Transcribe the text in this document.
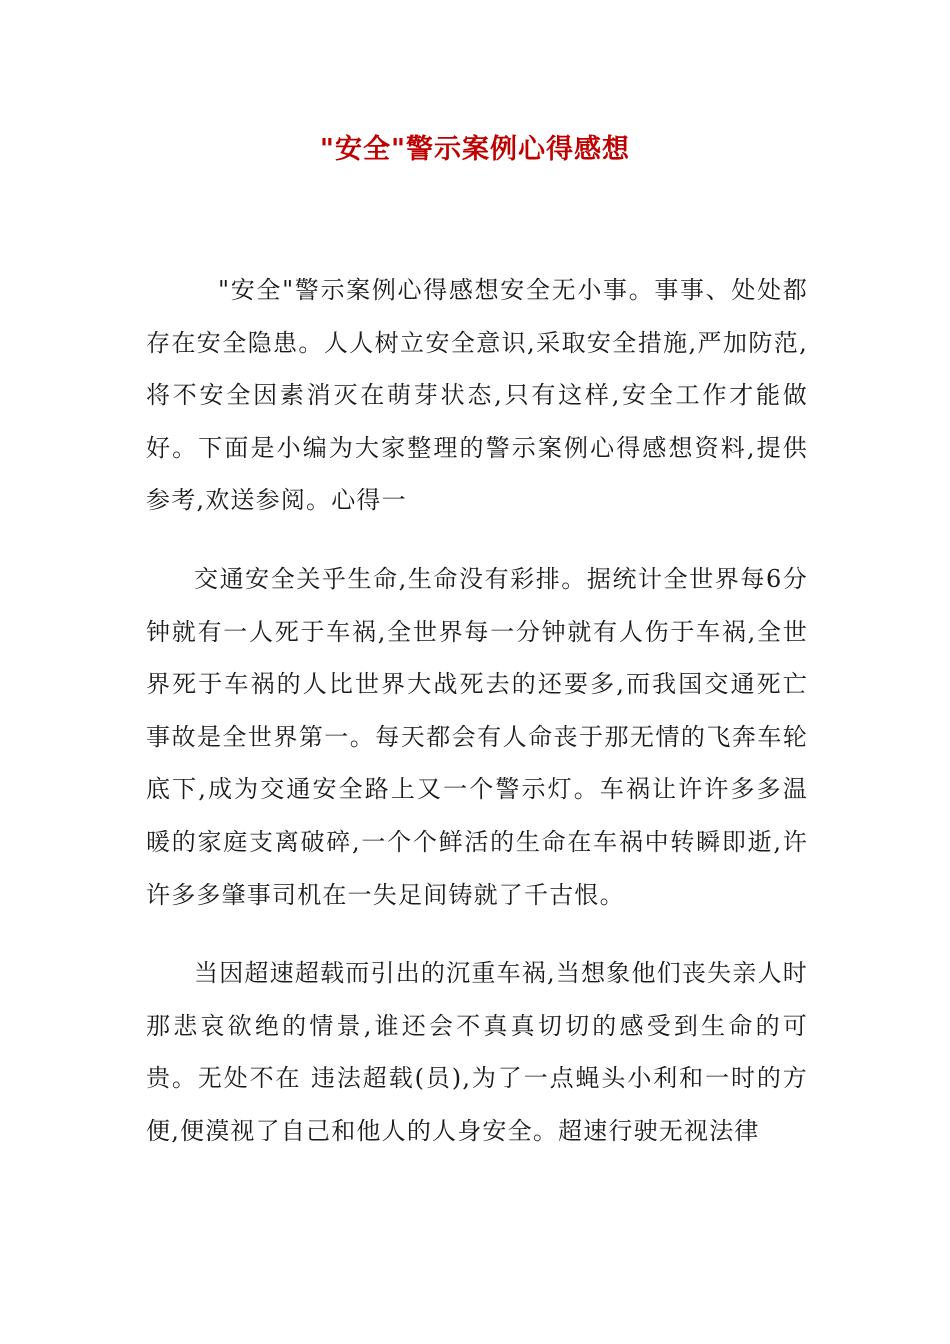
"安全"警示案例心得感想

"安全"警示案例心得感想安全无小事。事事、处处都存在安全隐患。人人树立安全意识,采取安全措施,严加防范,将不安全因素消灭在萌芽状态,只有这样,安全工作才能做好。下面是小编为大家整理的警示案例心得感想资料,提供参考,欢送参阅。心得一

交通安全关乎生命,生命没有彩排。据统计全世界每6分钟就有一人死于车祸,全世界每一分钟就有人伤于车祸,全世界死于车祸的人比世界大战死去的还要多,而我国交通死亡事故是全世界第一。每天都会有人命丧于那无情的飞奔车轮底下,成为交通安全路上又一个警示灯。车祸让许许多多温暖的家庭支离破碎,一个个鲜活的生命在车祸中转瞬即逝,许许多多肇事司机在一失足间铸就了千古恨。

当因超速超载而引出的沉重车祸,当想象他们丧失亲人时那悲哀欲绝的情景,谁还会不真真切切的感受到生命的可贵。无处不在 违法超载(员),为了一点蝇头小利和一时的方便,便漠视了自己和他人的人身安全。超速行驶无视法律
